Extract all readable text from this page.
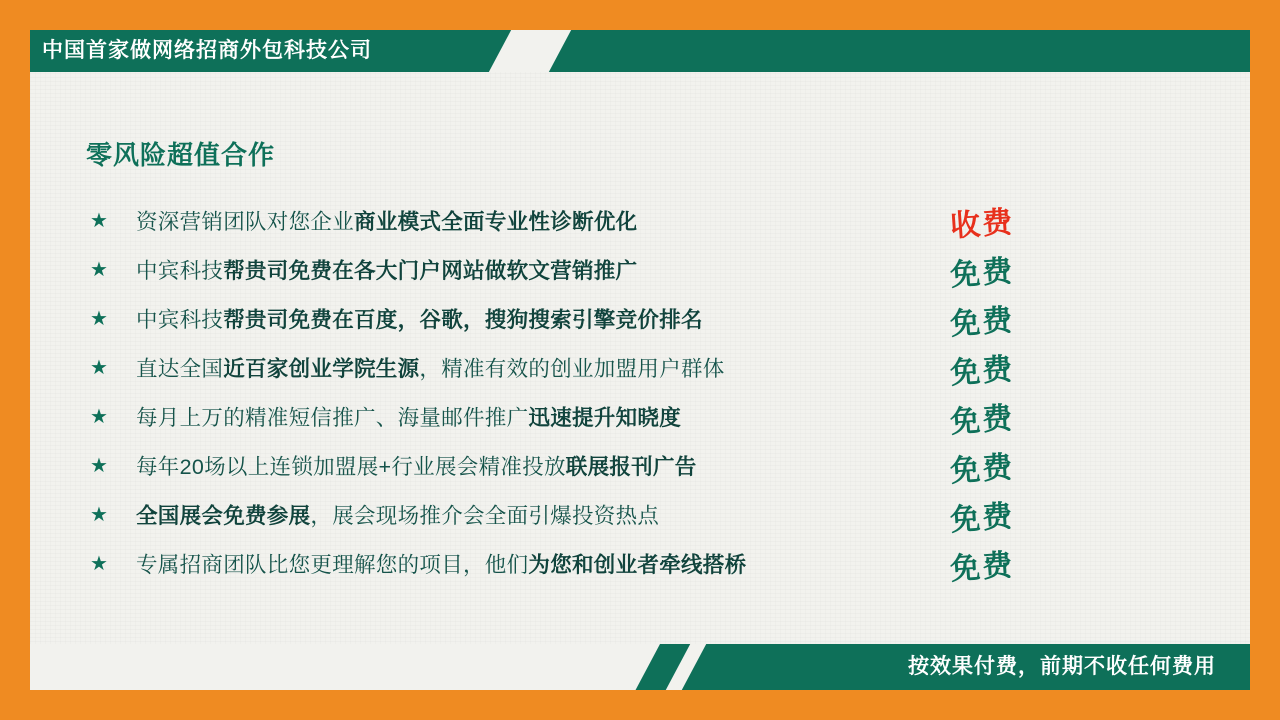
中国首家做网络招商外包科技公司
零风险超值合作
★	资深营销团队对您企业商业模式全面专业性诊断优化	收费
★	中宾科技帮贵司免费在各大门户网站做软文营销推广	免费
★	中宾科技帮贵司免费在百度，谷歌，搜狗搜索引擎竞价排名	免费
★	直达全国近百家创业学院生源，精准有效的创业加盟用户群体	免费
★	每月上万的精准短信推广、海量邮件推广迅速提升知晓度	免费
★	每年20场以上连锁加盟展+行业展会精准投放联展报刊广告	免费
★	全国展会免费参展，展会现场推介会全面引爆投资热点	免费
★	专属招商团队比您更理解您的项目，他们为您和创业者牵线搭桥	免费
按效果付费，前期不收任何费用
